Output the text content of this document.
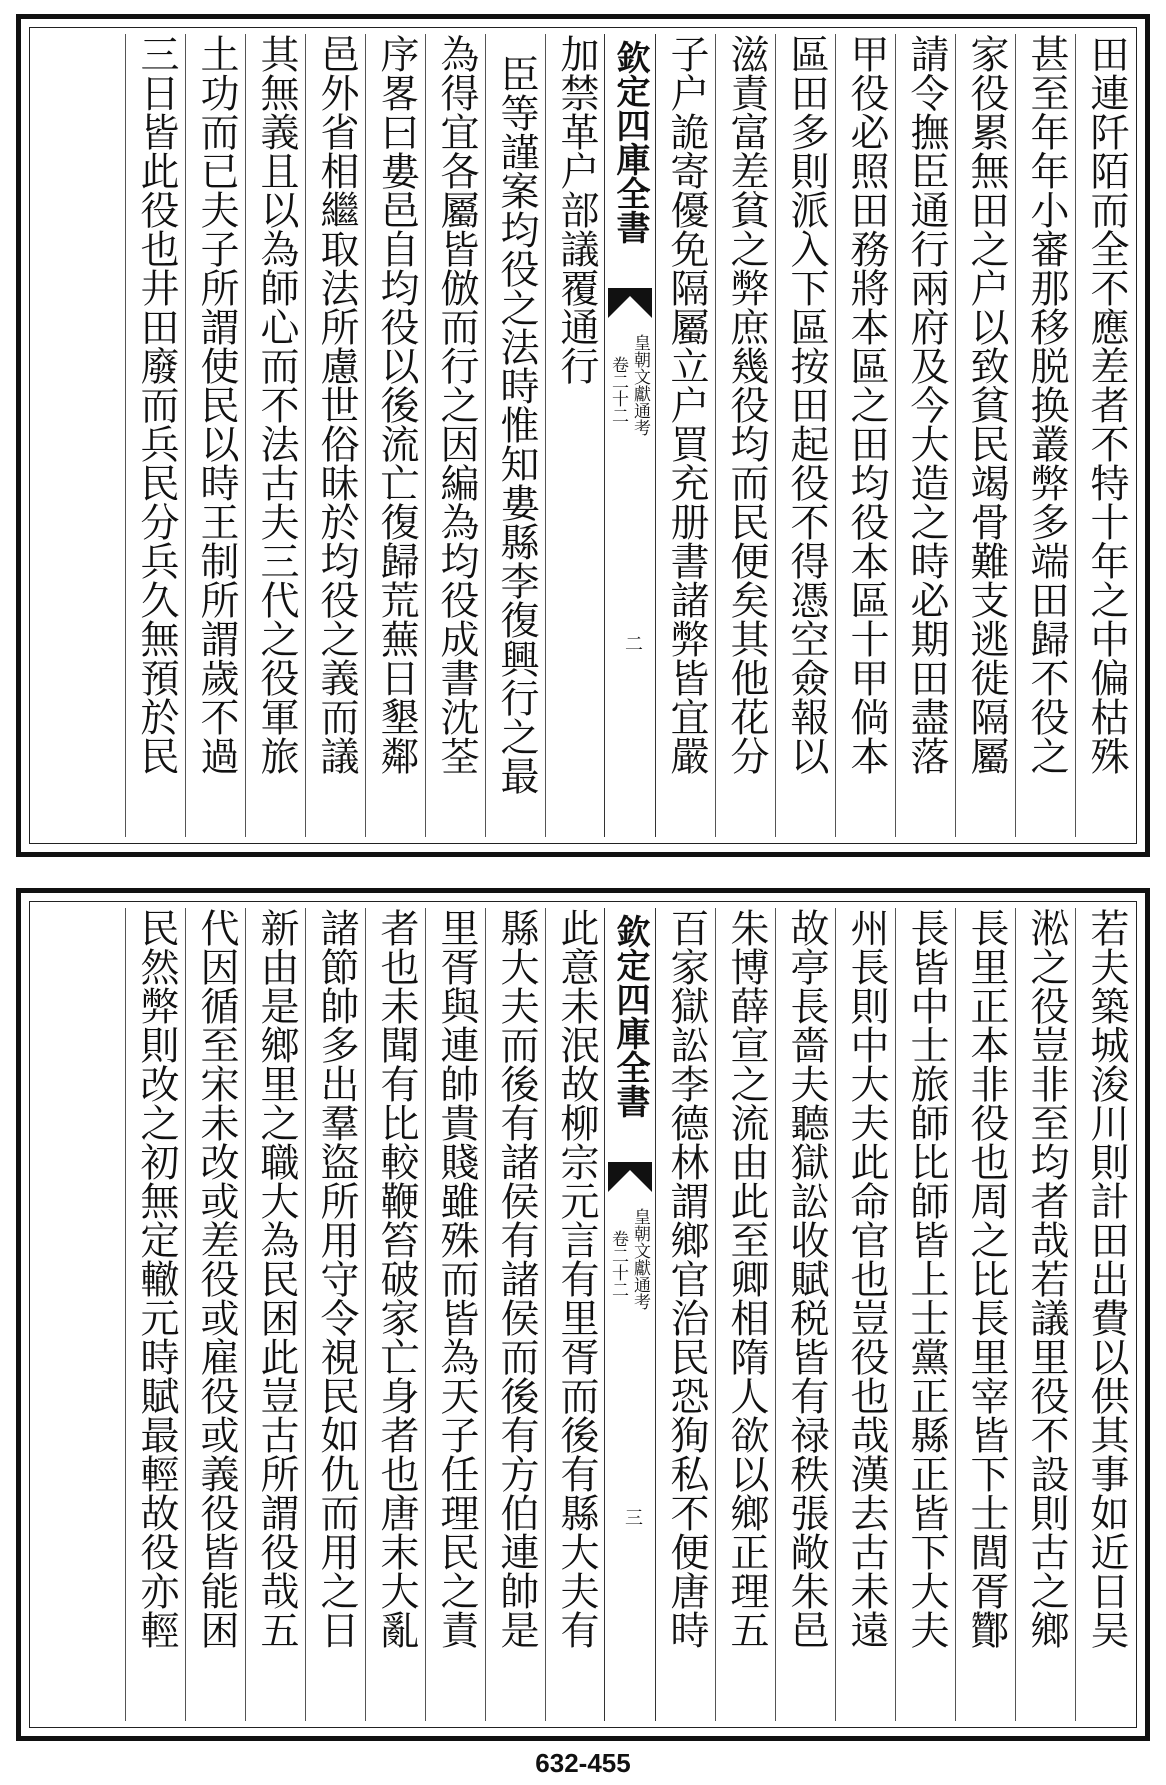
田連阡陌而全不應差者不特十年之中偏枯殊
甚至年年小審那移脱换叢弊多端田歸不役之
家役累無田之户以致貧民竭骨難支逃徙隔屬
請令撫臣通行兩府及今大造之時必期田盡落
甲役必照田務將本區之田均役本區十甲倘本
區田多則派入下區按田起役不得憑空僉報以
滋責富差貧之弊庶幾役均而民便矣其他花分
子户詭寄優免隔屬立户買充册書諸弊皆宜嚴
欽定四庫全書
皇朝文獻通考
卷二十二
二
加禁革户部議覆通行
臣等謹案均役之法時惟知婁縣李復興行之最
為得宜各屬皆倣而行之因編為均役成書沈荃
序畧曰婁邑自均役以後流亡復歸荒蕪日墾鄰
邑外省相繼取法所慮世俗昧於均役之義而議
其無義且以為師心而不法古夫三代之役軍旅
土功而已夫子所謂使民以時王制所謂歲不過
三日皆此役也井田廢而兵民分兵久無預於民
若夫築城浚川則計田出費以供其事如近日吴
淞之役豈非至均者哉若議里役不設則古之鄉
長里正本非役也周之比長里宰皆下士閭胥酇
長皆中士旅師比師皆上士黨正縣正皆下大夫
州長則中大夫此命官也豈役也哉漢去古未遠
故亭長嗇夫聽獄訟收賦税皆有禄秩張敞朱邑
朱博薛宣之流由此至卿相隋人欲以鄉正理五
百家獄訟李德林謂鄉官治民恐狥私不便唐時
欽定四庫全書
皇朝文獻通考
卷二十二
三
此意未泯故柳宗元言有里胥而後有縣大夫有
縣大夫而後有諸侯有諸侯而後有方伯連帥是
里胥與連帥貴賤雖殊而皆為天子任理民之責
者也未聞有比較鞭笞破家亡身者也唐末大亂
諸節帥多出羣盜所用守令視民如仇而用之日
新由是鄉里之職大為民困此豈古所謂役哉五
代因循至宋未改或差役或雇役或義役皆能困
民然弊則改之初無定轍元時賦最輕故役亦輕
632-455
